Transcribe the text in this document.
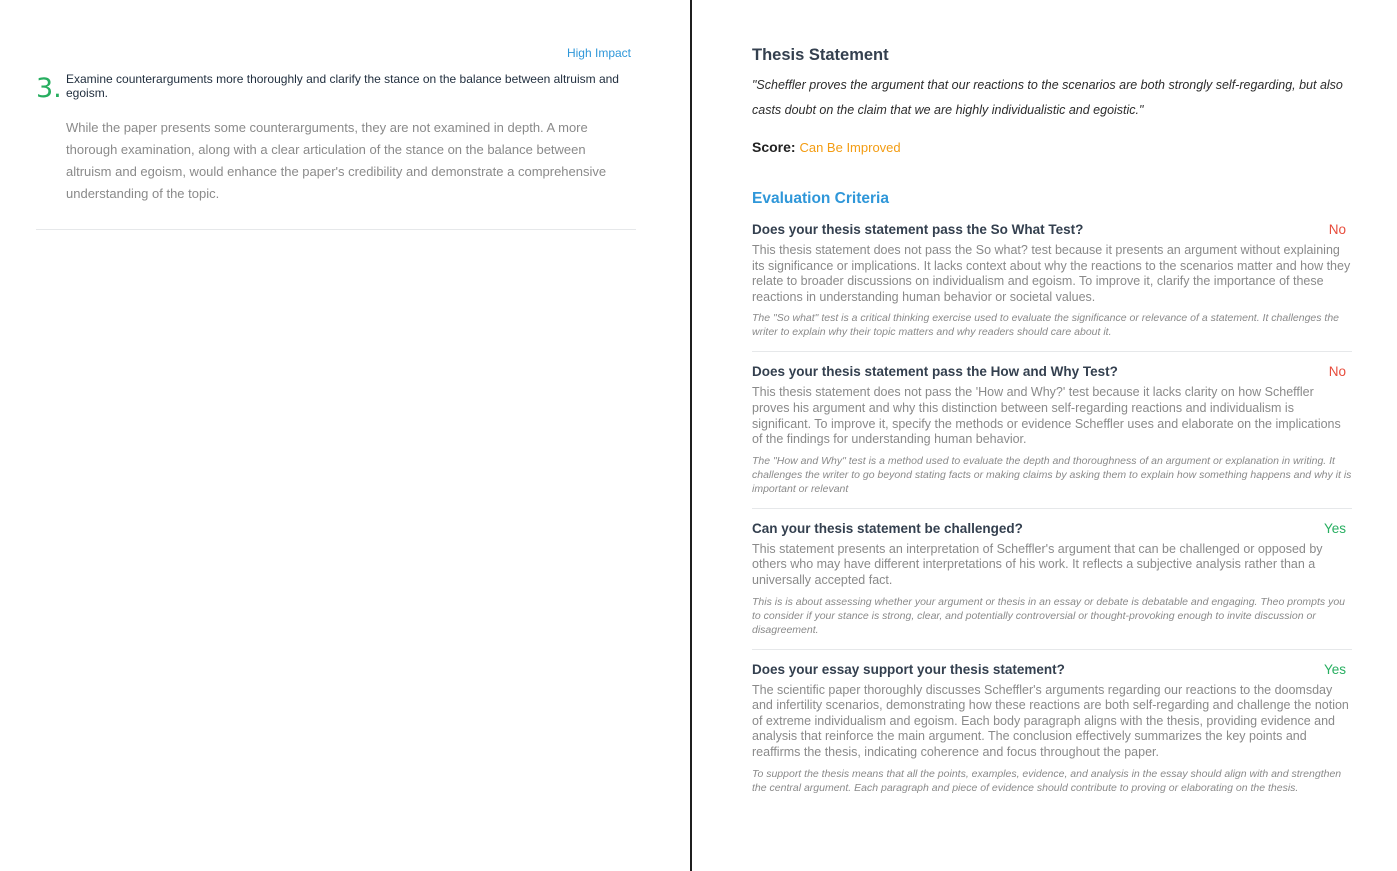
High Impact
3. Examine counterarguments more thoroughly and clarify the stance on the balance between altruism and egoism.

While the paper presents some counterarguments, they are not examined in depth. A more thorough examination, along with a clear articulation of the stance on the balance between altruism and egoism, would enhance the paper's credibility and demonstrate a comprehensive understanding of the topic.

Thesis Statement

"Scheffler proves the argument that our reactions to the scenarios are both strongly self-regarding, but also casts doubt on the claim that we are highly individualistic and egoistic."

Score: Can Be Improved
Evaluation Criteria
Does your thesis statement pass the So What Test?	No

This thesis statement does not pass the So what? test because it presents an argument without explaining its significance or implications. It lacks context about why the reactions to the scenarios matter and how they relate to broader discussions on individualism and egoism. To improve it, clarify the importance of these reactions in understanding human behavior or societal values.

The "So what" test is a critical thinking exercise used to evaluate the significance or relevance of a statement. It challenges the writer to explain why their topic matters and why readers should care about it.

Does your thesis statement pass the How and Why Test?	No

This thesis statement does not pass the 'How and Why?' test because it lacks clarity on how Scheffler proves his argument and why this distinction between self-regarding reactions and individualism is significant. To improve it, specify the methods or evidence Scheffler uses and elaborate on the implications of the findings for understanding human behavior.

The "How and Why" test is a method used to evaluate the depth and thoroughness of an argument or explanation in writing. It challenges the writer to go beyond stating facts or making claims by asking them to explain how something happens and why it is important or relevant

Can your thesis statement be challenged?	Yes

This statement presents an interpretation of Scheffler's argument that can be challenged or opposed by others who may have different interpretations of his work. It reflects a subjective analysis rather than a universally accepted fact.

This is is about assessing whether your argument or thesis in an essay or debate is debatable and engaging. Theo prompts you to consider if your stance is strong, clear, and potentially controversial or thought-provoking enough to invite discussion or disagreement.

Does your essay support your thesis statement?	Yes

The scientific paper thoroughly discusses Scheffler's arguments regarding our reactions to the doomsday and infertility scenarios, demonstrating how these reactions are both self-regarding and challenge the notion of extreme individualism and egoism. Each body paragraph aligns with the thesis, providing evidence and analysis that reinforce the main argument. The conclusion effectively summarizes the key points and reaffirms the thesis, indicating coherence and focus throughout the paper.

To support the thesis means that all the points, examples, evidence, and analysis in the essay should align with and strengthen the central argument. Each paragraph and piece of evidence should contribute to proving or elaborating on the thesis.
